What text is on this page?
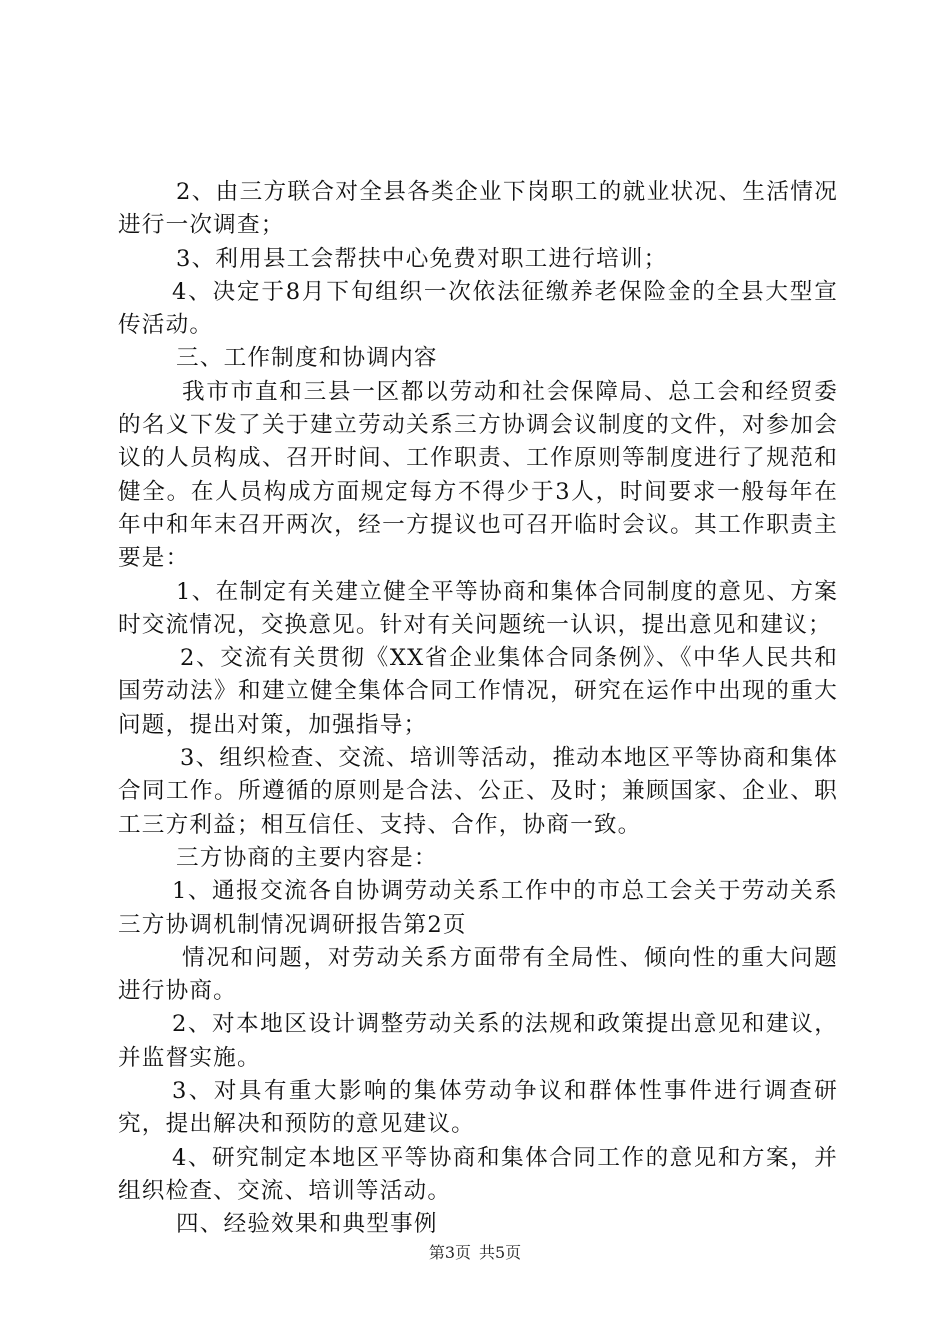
2、由三方联合对全县各类企业下岗职工的就业状况、生活情况进行一次调查；

3、利用县工会帮扶中心免费对职工进行培训；

4、决定于8月下旬组织一次依法征缴养老保险金的全县大型宣传活动。

三、工作制度和协调内容

我市市直和三县一区都以劳动和社会保障局、总工会和经贸委的名义下发了关于建立劳动关系三方协调会议制度的文件，对参加会议的人员构成、召开时间、工作职责、工作原则等制度进行了规范和健全。在人员构成方面规定每方不得少于3人，时间要求一般每年在年中和年末召开两次，经一方提议也可召开临时会议。其工作职责主要是：

1、在制定有关建立健全平等协商和集体合同制度的意见、方案时交流情况，交换意见。针对有关问题统一认识，提出意见和建议；

2、交流有关贯彻《XX省企业集体合同条例》、《中华人民共和国劳动法》和建立健全集体合同工作情况，研究在运作中出现的重大问题，提出对策，加强指导；

3、组织检查、交流、培训等活动，推动本地区平等协商和集体合同工作。所遵循的原则是合法、公正、及时；兼顾国家、企业、职工三方利益；相互信任、支持、合作，协商一致。

三方协商的主要内容是：

1、通报交流各自协调劳动关系工作中的市总工会关于劳动关系三方协调机制情况调研报告第2页

情况和问题，对劳动关系方面带有全局性、倾向性的重大问题进行协商。

2、对本地区设计调整劳动关系的法规和政策提出意见和建议，并监督实施。

3、对具有重大影响的集体劳动争议和群体性事件进行调查研究，提出解决和预防的意见建议。

4、研究制定本地区平等协商和集体合同工作的意见和方案，并组织检查、交流、培训等活动。

四、经验效果和典型事例

第3页 共5页
